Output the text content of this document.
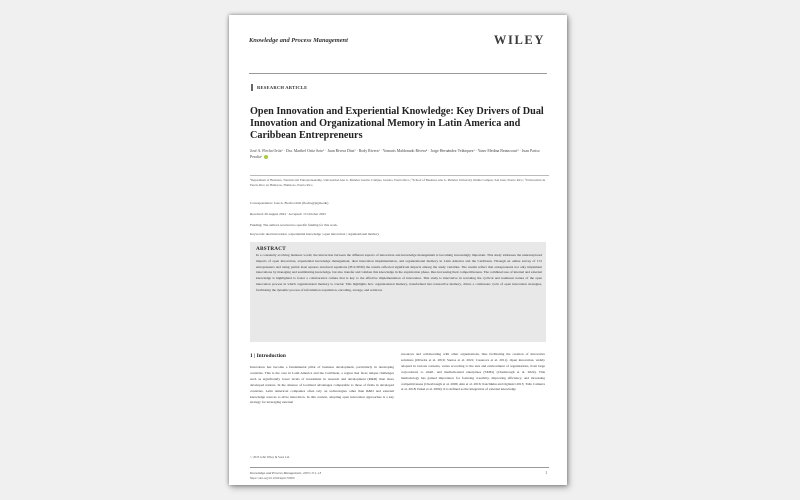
Knowledge and Process Management	WILEY
RESEARCH ARTICLE
Open Innovation and Experiential Knowledge: Key Drivers of Dual Innovation and Organizational Memory in Latin America and Caribbean Entrepreneurs
José A. Flecha Ortiz¹ · Dra. Maribel Ortiz Soto¹ · Juan Rivera Díaz² · Rody Rivera³ · Yomaris Maldonado Rivera⁴ · Jorge Hernández Velázquez³ · Yaser Medina Betancourt⁵ · Juan Pariso Peralta¹
¹Department of Business, Tourism and Entrepreneurship, Universidad Ana G. Méndez Gurabo Campus, Gurabo, Puerto Rico | ²School of Business Ana G. Méndez University Online Campus, San Juan, Puerto Rico | ³Universidad de Puerto Rico en Humacao, Humacao, Puerto Rico
Correspondence: José A. Flecha Ortiz (flecha@jagm.edu)
Received: 26 August 2024 · Accepted: 13 October 2025
Funding: The authors received no specific funding for this work.
Keywords: dual innovation | experiential knowledge | open innovation | organizational memory
ABSTRACT
In a constantly evolving business world, the interaction between the different aspects of innovation and knowledge management is becoming increasingly important. This study addresses the underexplored impacts of open innovation, experiential knowledge management, dual innovation implementation, and organizational memory in Latin America and the Caribbean. Through an online survey of 172 entrepreneurs and using partial least squares structural equations (PLS-SEM) the results reflected significant impacts among the study variables. The results reflect that entrepreneurs not only implement innovations by managing and assimilating knowledge, but also transfer and validate this knowledge in the exploitation phase, thus increasing their competitiveness. The combined use of internal and external knowledge is highlighted to foster a collaborative culture that is key to the effective implementation of innovation. This study is innovative in revealing the cyclical and nonlinear nature of the open innovation process in which organizational memory is crucial. This highlights how organizational memory, transformed into transactive memory, drives a continuous cycle of open innovation strategies, facilitating the dynamic process of information acquisition, encoding, storage, and retrieval.
1 | Introduction
Innovation has become a fundamental pillar of business development, particularly in developing countries. This is the case in Latin America and the Caribbean, a region that faces unique challenges such as significantly lower levels of investment in research and development (R&D) than more developed nations. In the absence of localized advantages comparable to those of firms in developed countries, Latin American companies often rely on technologies other than R&D and external knowledge sources to drive innovation. In this context, adopting open innovation approaches is a key strategy for leveraging external
resources and collaborating with other organizations, thus facilitating the creation of innovative solutions (Oliveira et al. 2019; Santos et al. 2021; Casanova et al. 2011). Open innovation, widely adopted in various contexts, varies according to the size and environment of organizations, from large corporations to small- and medium-sized enterprises (SMEs) (Chesbrough et al. 2024). This methodology has gained importance for fostering creativity, improving efficiency, and increasing competitiveness (Chesbrough et al. 2006; Ahn et al. 2016; Katchikhu and Ogliastri 2013; Tallo Camarra et al. 2018; Enkel et al. 2009). It is defined as the integration of external knowledge
© 2025 John Wiley & Sons Ltd.
Knowledge and Process Management, 2025; 0:1–13
https://doi.org/10.1002/kpm.70000
1
